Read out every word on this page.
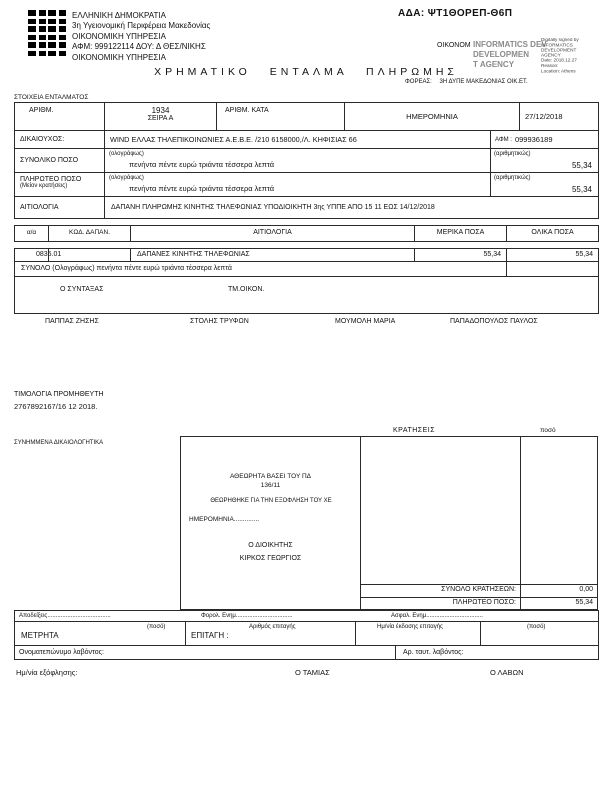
ΕΛΛΗΝΙΚΗ ΔΗΜΟΚΡΑΤΙΑ
3η Υγειονομική Περιφέρεια Μακεδονίας
ΟΙΚΟΝΟΜΙΚΗ ΥΠΗΡΕΣΙΑ
ΑΦΜ: 999122114 ΔΟΥ: Δ ΘΕΣ/ΝΙΚΗΣ
ΟΙΚΟΝΟΜΙΚΗ ΥΠΗΡΕΣΙΑ
ΑΔΑ: ΨΤ1ΘΟΡΕΠ-Θ6Π
ΟΙΚΟΝΟΜ INFORMATICS DEV
DEVELOPMEN
T AGENCY
Digitally signed by
INFORMATICS
DEVELOPMENT AGENCY
Date: 2018.12.27
Reason:
Location: Athens
ΧΡΗΜΑΤΙΚΟ ΕΝΤΑΛΜΑ ΠΛΗΡΩΜΗΣ
ΦΟΡΕΑΣ: 3Η ΔΥΠΕ ΜΑΚΕΔΟΝΙΑΣ ΟΙΚ.ΕΤ.
ΣΤΟΙΧΕΙΑ ΕΝΤΑΛΜΑΤΟΣ
ΑΡΙΘΜ.	1934
ΣΕΙΡΑ Α
ΑΡΙΘΜ. ΚΑΤΑ
ΗΜΕΡΟΜΗΝΙΑ	27/12/2018
ΔΙΚΑΙΟΥΧΟΣ:	WIND ΕΛΛΑΣ ΤΗΛΕΠΙΚΟΙΝΩΝΙΕΣ Α.Ε.Β.Ε. /210 6158000,/Λ. ΚΗΦΙΣΙΑΣ 66	ΑΦΜ : 099936189
ΣΥΝΟΛΙΚΟ ΠΟΣΟ
(ολογράφως)
πενήντα πέντε ευρώ τριάντα τέσσερα λεπτά
(αριθμητικώς)
55,34
ΠΛΗΡΩΤΕΟ ΠΟΣΟ
(Μείον κρατήσεις)
(ολογράφως)
πενήντα πέντε ευρώ τριάντα τέσσερα λεπτά
(αριθμητικώς)
55,34
ΑΙΤΙΟΛΟΓΙΑ	ΔΑΠΑΝΗ ΠΛΗΡΩΜΗΣ ΚΙΝΗΤΗΣ ΤΗΛΕΦΩΝΙΑΣ ΥΠΟΔΙΟΙΚΗΤΗ 3ης ΥΠΠΕ ΑΠΟ 15 11 ΕΩΣ 14/12/2018
α/α	ΚΩΔ. ΔΑΠΑΝ.	ΑΙΤΙΟΛΟΓΙΑ	ΜΕΡΙΚΑ ΠΟΣΑ	ΟΛΙΚΑ ΠΟΣΑ
0835.01	ΔΑΠΑΝΕΣ ΚΙΝΗΤΗΣ ΤΗΛΕΦΩΝΙΑΣ	55,34	55,34
ΣΥΝΟΛΟ (Ολογράφως) πενήντα πέντε ευρώ τριάντα τέσσερα λεπτά
Ο ΣΥΝΤΑΞΑΣ	ΤΜ.ΟΙΚΟΝ.
ΠΑΠΠΑΣ ΖΗΣΗΣ	ΣΤΟΛΗΣ ΤΡΥΦΩΝ	ΜΟΥΜΟΛΗ ΜΑΡΙΑ	ΠΑΠΑΔΟΠΟΥΛΟΣ ΠΑΥΛΟΣ
ΤΙΜΟΛΟΓΙΑ ΠΡΟΜΗΘΕΥΤΗ
2767892167/16 12 2018.
ΚΡΑΤΗΣΕΙΣ	ποσό
ΣΥΝΗΜΜΕΝΑ ΔΙΚΑΙΟΛΟΓΗΤΙΚΑ
ΑΘΕΩΡΗΤΑ ΒΑΣΕΙ ΤΟΥ ΠΔ
136/11
ΘΕΩΡΗΘΗΚΕ ΓΙΑ ΤΗΝ ΕΞΟΦΛΗΣΗ ΤΟΥ ΧΕ
ΗΜΕΡΟΜΗΝΙΑ..............
Ο ΔΙΟΙΚΗΤΗΣ
ΚΙΡΚΟΣ ΓΕΩΡΓΙΟΣ
ΣΥΝΟΛΟ ΚΡΑΤΗΣΕΩΝ:	0,00
ΠΛΗΡΩΤΕΟ ΠΟΣΟ:	55,34
Αποδείξεις......................................	Φορολ. Ενημ..................................	Ασφαλ. Ενημ..................................
ΜΕΤΡΗΤΑ
(ποσό)
ΕΠΙΤΑΓΗ :
Αριθμός επιταγής	Ημ/νία έκδοσης επιταγής	(ποσό)
Ονοματεπώνυμο λαβόντος:	Αρ. ταυτ. λαβόντος:
Ημ/νία εξόφλησης:	Ο ΤΑΜΙΑΣ	Ο ΛΑΒΩΝ
